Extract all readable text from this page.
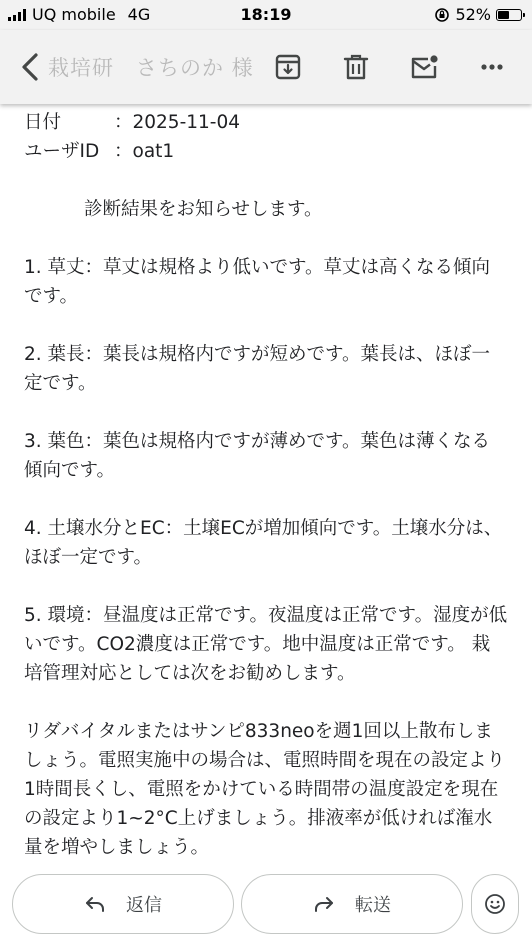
UQ mobile 4G	18:19	52%
栽培研　さちのか 様
日付	：2025-11-04
ユーザID ：oat1

診断結果をお知らせします。

1. 草丈：草丈は規格より低いです。草丈は高くなる傾向です。

2. 葉長：葉長は規格内ですが短めです。葉長は、ほぼ一定です。

3. 葉色：葉色は規格内ですが薄めです。葉色は薄くなる傾向です。

4. 土壌水分とEC：土壌ECが増加傾向です。土壌水分は、ほぼ一定です。

5. 環境：昼温度は正常です。夜温度は正常です。湿度が低いです。CO2濃度は正常です。地中温度は正常です。 栽培管理対応としては次をお勧めします。

リダバイタルまたはサンピ833neoを週1回以上散布しましょう。電照実施中の場合は、電照時間を現在の設定より1時間長くし、電照をかけている時間帯の温度設定を現在の設定より1~2°C上げましょう。排液率が低ければ潅水量を増やしましょう。

返信	転送
